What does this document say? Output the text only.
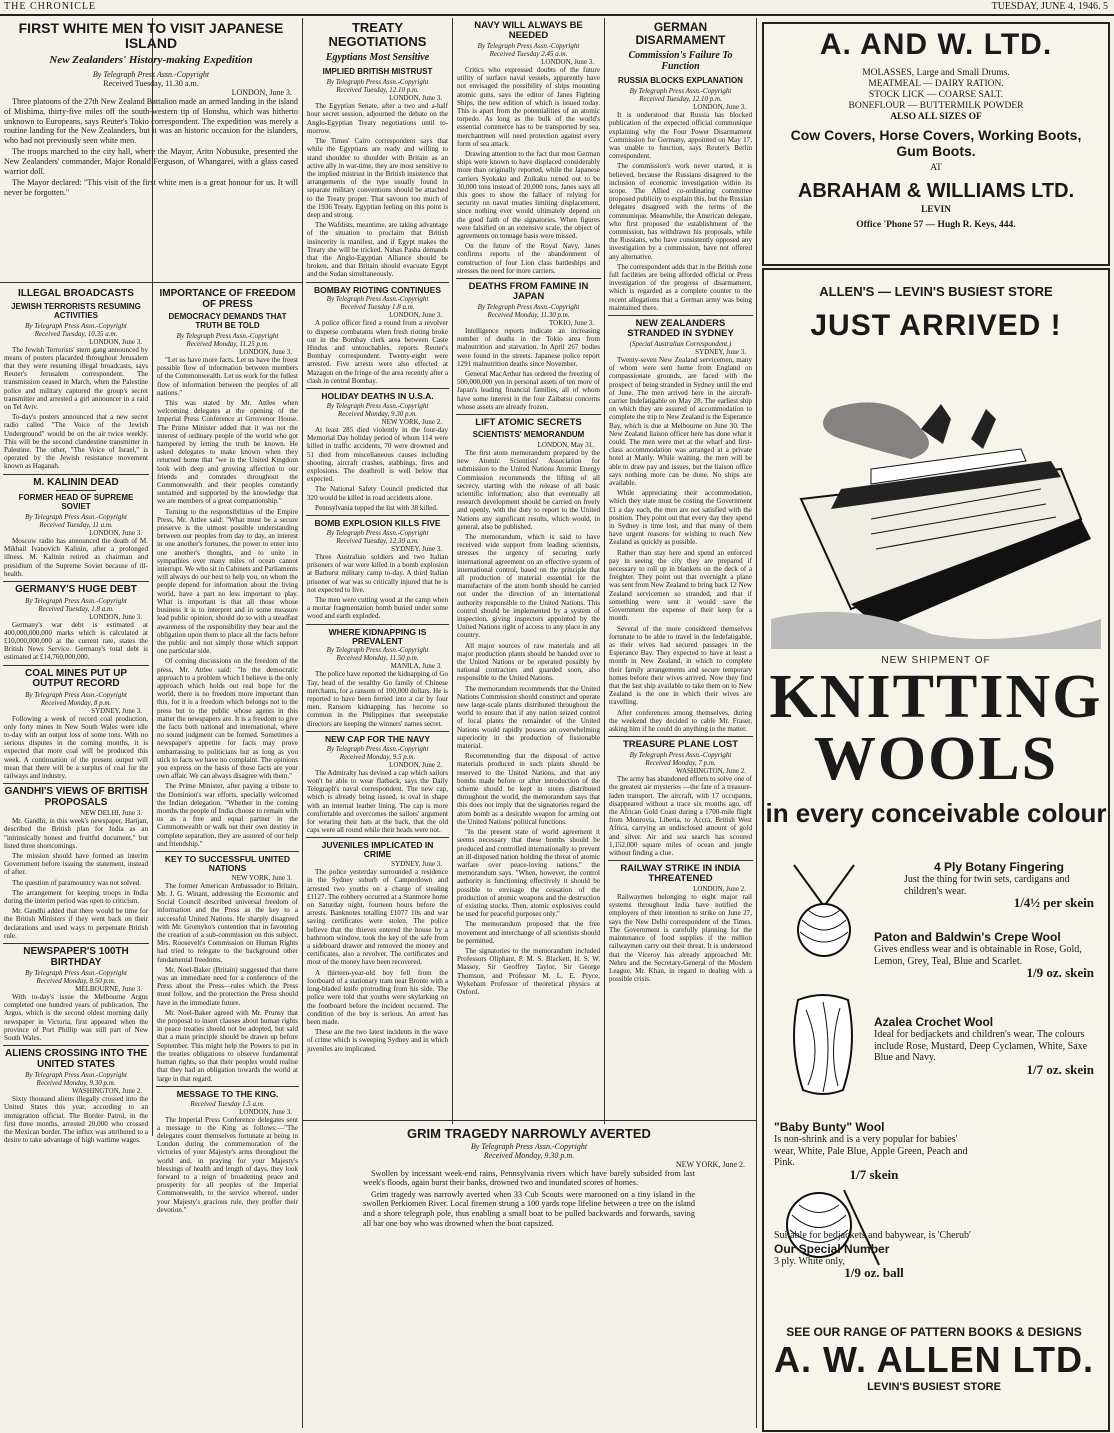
THE CHRONICLE	TUESDAY, JUNE 4, 1946. 5
FIRST WHITE MEN TO VISIT JAPANESE ISLAND
New Zealanders' History-making Expedition
By Telegraph Press Assn.-Copyright
Received Tuesday, 11.30 a.m.
LONDON, June 3.

Three platoons of the 27th New Zealand Battalion made an armed landing in the island of Mishima, thirty-five miles off the south-western tip of Honshu, which was hitherto unknown to Europeans, says Reuter's Tokio correspondent. The expedition was merely a routine landing for the New Zealanders, but it was an historic occasion for the islanders, who had not previously seen white men.

The troops marched to the city hall, where the Mayor, Aritn Nobusuke, presented the New Zealanders' commander, Major Ronald Ferguson, of Whangarei, with a glass cased warrior doll.

The Mayor declared: "This visit of the first white men is a great honour for us. It will never be forgotten."

ILLEGAL BROADCASTS
JEWISH TERRORISTS RESUMING ACTIVITIES
By Telegraph Press Assn.-Copyright
Received Tuesday, 10.35 a.m.
LONDON, June 3.

The Jewish Terrorists' stern gang announced by means of posters placarded throughout Jerusalem that they were resuming illegal broadcasts, says Reuter's Jerusalem correspondent. The transmission ceased in March, when the Palestine police and military captured the group's secret transmitter and arrested a girl announcer in a raid on Tel Aviv.

To-day's posters announced that a new secret radio called "The Voice of the Jewish Underground" would be on the air twice weekly. This will be the second clandestine transmitter in Palestine. The other, "The Voice of Israel," is operated by the Jewish resistance movement known as Haganah.

M. KALININ DEAD
FORMER HEAD OF SUPREME SOVIET
By Telegraph Press Assn.-Copyright
Received Tuesday, 11 a.m.
LONDON, June 3.

Moscow radio has announced the death of M. Mikhail Ivanovich Kalinin, after a prolonged illness. M. Kalinin retired as chairman and presidium of the Supreme Soviet because of ill-health.

GERMANY'S HUGE DEBT
By Telegraph Press Assn.-Copyright
Received Tuesday, 1.8 a.m.
LONDON, June 3.

Germany's war debt is estimated at 400,000,000,000 marks which is calculated at £10,000,000,000 at the current rate, states the British News Service. Germany's total debt is estimated at £14,760,000,000.

COAL MINES PUT UP OUTPUT RECORD
By Telegraph Press Assn.-Copyright
Received Monday, 8 p.m.
SYDNEY, June 3.

Following a week of record coal production, only forty mines in New South Wales were idle to-day with an output loss of some tons. With no serious disputes in the coming months, it is expected that more coal will be produced this week. A continuation of the present output will mean that there will be a surplus of coal for the railways and industry.

GANDHI'S VIEWS OF BRITISH PROPOSALS
NEW DELHI, June 3.

Mr. Gandhi, in this week's newspaper, Harijan, described the British plan for India as an "intrinsically honest and fruitful document," but listed three shortcomings.

The mission should have formed an interim Government before issuing the statement, instead of after.

The question of paramountcy was not solved.

The arrangement for keeping troops in India during the interim period was open to criticism.

Mr. Gandhi added that there would be time for the British Ministers if they went back on their declarations and used ways to perpetuate British rule.

NEWSPAPER'S 100TH BIRTHDAY
By Telegraph Press Assn.-Copyright
Received Monday, 8.50 p.m.
MELBOURNE, June 3.

With to-day's issue the Melbourne Argus completed one hundred years of publication. The Argus, which is the second oldest morning daily newspaper in Victoria, first appeared when the province of Port Phillip was still part of New South Wales.

ALIENS CROSSING INTO THE UNITED STATES
By Telegraph Press Assn.-Copyright
Received Monday, 9.30 p.m.
WASHINGTON, June 2.

Sixty thousand aliens illegally crossed into the United States this year, according to an immigration official. The Border Patrol, in the first three months, arrested 20,000 who crossed the Mexican border. The influx was attributed to a desire to take advantage of high wartime wages.

IMPORTANCE OF FREEDOM OF PRESS
DEMOCRACY DEMANDS THAT TRUTH BE TOLD
By Telegraph Press Assn.-Copyright
Received Monday, 11.25 p.m.
LONDON, June 3.

"Let us have more facts. Let us have the freest possible flow of information between members of the Commonwealth. Let us work for the fullest flow of information between the peoples of all nations."

This was stated by Mr. Attlee when welcoming delegates at the opening of the Imperial Press Conference at Grosvenor House. The Prime Minister added that it was not the interest of ordinary people of the world who got hampered by letting the truth be known. He asked delegates to make known when they returned home that "we in the United Kingdom look with deep and growing affection to our friends and comrades throughout the Commonwealth and their peoples constantly sustained and supported by the knowledge that we are members of a great companionship."

Turning to the responsibilities of the Empire Press, Mr. Attlee said: "What must be a secure preserve is the utmost possible understanding between our peoples from day to day, an interest in one another's fortunes, the power to enter into one another's thoughts, and to unite in sympathies over many miles of ocean cannot interrupt. We who sit in Cabinets and Parliaments will always do our best to help you, on whom the people depend for information about the living world, have a part no less important to play. What is important is that all those whose business it is to interpret and in some measure lead public opinion, should do so with a steadfast awareness of the responsibility they bear and the obligation upon them to place all the facts before the public and not simply those which support one particular side.

Of coming discussions on the freedom of the press, Mr. Attlee said: "In the democratic approach to a problem which I believe is the only approach which holds out real hope for the world, there is no freedom more important than this, for it is a freedom which belongs not to the press but to the public whose agents in this matter the newspapers are. It is a freedom to give the facts both national and international, where no sound judgment can be formed. Sometimes a newspaper's appetite for facts may prove embarrassing to politicians but as long as you stick to facts we have no complaint. The opinions you express on the basis of those facts are your own affair. We can always disagree with them."

The Prime Minister, after paying a tribute to the Dominion's war efforts, specially welcomed the Indian delegation. "Whether in the coming months the people of India choose to remain with us as a free and equal partner in the Commonwealth or walk out their own destiny in complete separation, they are assured of our help and friendship."

KEY TO SUCCESSFUL UNITED NATIONS
NEW YORK, June 3.

The former American Ambassador to Britain, Mr. J. G. Winant, addressing the Economic and Social Council described universal freedom of information and the Press as the key to a successful United Nations. He sharply disagreed with Mr. Gromyko's contention that in favouring the creation of a sub-commission on this subject, Mrs. Roosevelt's Commission on Human Rights had tried to relegate to the background other fundamental freedoms.

Mr. Noel-Baker (Britain) suggested that there was an immediate need for a conference of the Press about the Press—rules which the Press must follow, and the protection the Press should have in the immediate future.

Mr. Noel-Baker agreed with Mr. Prunsy that the proposal to insert clauses about human rights in peace treaties should not be adopted, but said that a main principle should be drawn up before September. This might help the Powers to put in the treaties obligations to observe fundamental human rights, so that their peoples would realise that they had an obligation towards the world at large in that regard.

MESSAGE TO THE KING.
Received Tuesday 1.5 a.m.
LONDON, June 3.

The Imperial Press Conference delegates sent a message to the King as follows:—"The delegates count themselves fortunate at being in London during the commemoration of the victories of your Majesty's arms throughout the world and, in praying for your Majesty's blessings of health and length of days, they look forward to a reign of broadening peace and prosperity for all peoples of the Imperial Commonwealth, to the service whereof, under your Majesty's gracious rule, they proffer their devotion."

TREATY NEGOTIATIONS
Egyptians Most Sensitive
IMPLIED BRITISH MISTRUST
By Telegraph Press Assn.-Copyright
Received Tuesday, 12.10 p.m.
LONDON, June 3.

The Egyptian Senate, after a two and a-half hour secret session, adjourned the debate on the Anglo-Egyptian Treaty negotiations until to-morrow.

The Times' Cairo correspondent says that while the Egyptians are ready and willing to stand shoulder to shoulder with Britain as an active ally in war-time, they are most sensitive to the implied mistrust in the British insistence that arrangements of the type usually found in separate military conventions should be attached to the Treaty proper. That savours too much of the 1936 Treaty. Egyptian feeling on this point is deep and strong.

The Wafdists, meantime, are taking advantage of the situation to proclaim that British insincerity is manifest, and if Egypt makes the Treaty she will be tricked. Nahas Pasha demands that the Anglo-Egyptian Alliance should be broken, and that Britain should evacuate Egypt and the Sudan simultaneously.

BOMBAY RIOTING CONTINUES
By Telegraph Press Assn.-Copyright
Received Tuesday 1.8 a.m.
LONDON, June 3.

A police officer fired a round from a revolver to disperse combatants when fresh rioting broke out in the Bombay clerk area between Caste Hindus and untouchables, reports Reuter's Bombay correspondent. Twenty-eight were arrested. Five arrests were also effected at Mazagon on the fringe of the area recently after a clash in central Bombay.

HOLIDAY DEATHS IN U.S.A.
By Telegraph Press Assn.-Copyright
Received Monday, 9.30 p.m.
NEW YORK, June 2.

At least 285 died violently in the four-day Memorial Day holiday period of whom 114 were killed in traffic accidents, 70 were drowned and 51 died from miscellaneous causes including shooting, aircraft crashes, stabbings, fires and explosions. The deathroll is well below that expected.

The National Safety Council predicted that 320 would be killed in road accidents alone.

Pennsylvania topped the list with 38 killed.

BOMB EXPLOSION KILLS FIVE
By Telegraph Press Assn.-Copyright
Received Tuesday, 12.30 a.m.
SYDNEY, June 3.

Three Australian soldiers and two Italian prisoners of war were killed in a bomb explosion at Bathurst military camp to-day. A third Italian prisoner of war was so critically injured that he is not expected to live.

The men were cutting wood at the camp when a mortar fragmentation bomb buried under some wood and earth exploded.

WHERE KIDNAPPING IS PREVALENT
By Telegraph Press Assn.-Copyright
Received Monday, 11.50 p.m.
MANILA, June 3.

The police have reported the kidnapping of Go Tay, head of the wealthy Go family of Chinese merchants, for a ransom of 100,000 dollars. He is reported to have been ferried into a car by four men. Ransom kidnapping has become so common in the Philippines that sweepstake directors are keeping the winners' names secret.

NEW CAP FOR THE NAVY
By Telegraph Press Assn.-Copyright
Received Monday, 9.5 p.m.
LONDON, June 2.

The Admiralty has devised a cap which sailors won't be able to wear flatback, says the Daily Telegraph's naval correspondent. The new cap, which is already being issued, is oval in shape with an internal leather lining. The cap is more comfortable and overcomes the sailors' argument for wearing their hats at the back, that the old caps were all round while their heads were not.

JUVENILES IMPLICATED IN CRIME
SYDNEY, June 3.

The police yesterday surrounded a residence in the Sydney suburb of Camperdown and arrested two youths on a charge of stealing £1127. The robbery occurred at a Stanmore home on Saturday night, fourteen hours before the arrests. Banknotes totalling £1077 10s and war saving certificates were stolen. The police believe that the thieves entered the house by a bathroom window, took the key of the safe from a sideboard drawer and removed the money and certificates, also a revolver. The certificates and most of the money have been recovered.

A thirteen-year-old boy fell from the footboard of a stationary tram near Bronte with a long-bladed knife protruding from his side. The police were told that youths were skylarking on the footboard before the incident occurred. The condition of the boy is serious. An arrest has been made.

These are the two latest incidents in the wave of crime which is sweeping Sydney and in which juveniles are implicated.

NAVY WILL ALWAYS BE NEEDED
By Telegraph Press Assn.-Copyright
Received Tuesday 2.45 a.m.
LONDON, June 3.

Critics who expressed doubts of the future utility of surface naval vessels, apparently have not envisaged the possibility of ships mounting atomic guns, says the editor of Janes Fighting Ships, the new edition of which is issued today. This is apart from the potentialities of an atomic torpedo. As long as the bulk of the world's essential commerce has to be transported by sea, merchantmen will need protection against every form of sea attack.

Drawing attention to the fact that most German ships were known to have displaced considerably more than originally reported, while the Japanese carriers Syokaku and Zuikaku turned out to be 30,000 tons instead of 20,000 tons, Janes says all this goes to show the fallacy of relying for security on naval treaties limiting displacement, since nothing ever would ultimately depend on the good faith of the signatories. When figures were falsified on an extensive scale, the object of agreements on tonnage basis were missed.

On the future of the Royal Navy, Janes confirms reports of the abandonment of construction of four Lion class battleships and stresses the need for more carriers.

DEATHS FROM FAMINE IN JAPAN
By Telegraph Press Assn.-Copyright
Received Monday, 11.30 p.m.
TOKIO, June 3.

Intelligence reports indicate an increasing number of deaths in the Tokio area from malnutrition and starvation. In April 267 bodies were found in the streets. Japanese police report 1291 malnutrition deaths since November.

General MacArthur has ordered the freezing of 500,000,000 yen in personal assets of ten more of Japan's leading financial families, all of whom have some interest in the four Zaibatsu concerns whose assets are already frozen.

LIFT ATOMIC SECRETS
SCIENTISTS' MEMORANDUM
LONDON, May 31.

The first atom memorandum prepared by the new Atomic Scientists' Association for submission to the United Nations Atomic Energy Commission recommends the lifting of all secrecy, starting with the release of all basic scientific information; also that eventually all research development should be carried on freely and openly, with the duty to report to the United Nations any significant results, which would, in general, also be published.

The memorandum, which is said to have received wide support from leading scientists, stresses the urgency of securing early international agreement on an effective system of international control, based on the principle that all production of material essential for the manufacture of the atom bomb should be carried out under the direction of an international authority responsible to the United Nations. This control should be implemented by a system of inspection, giving inspectors appointed by the United Nations right of access to any place in any country.

All major sources of raw materials and all major production plants should be handed over to the United Nations or be operated possibly by national contractors and guarded soon, also responsible to the United Nations.

The memorandum recommends that the United Nations Commission should construct and operate new large-scale plants distributed throughout the world to ensure that if any nation seized control of local plants the remainder of the United Nations would rapidly possess an overwhelming superiority in the production of fissionable material.

Recommending that the disposal of active materials produced in such plants should be reserved to the United Nations, and that any bombs made before or after introduction of the scheme should be kept in stores distributed throughout the world, the memorandum says that this does not imply that the signatories regard the atom bomb as a desirable weapon for arming out the United Nations' political functions.

"In the present state of world agreement it seems necessary that these bombs should be produced and controlled internationally to prevent an ill-disposed nation holding the threat of atomic warfare over peace-loving nations," the memorandum says. "When, however, the control authority is functioning effectively it should be possible to envisage the cessation of the production of atomic weapons and the destruction of existing stocks. Then, atomic explosives could be used for peaceful purposes only."

The memorandum proposed that the free movement and interchange of all scientists should be permitted.

The signatories to the memorandum included Professors Oliphant, P. M. S. Blackett, H. S. W. Massey, Sir Geoffrey Taylor, Sir George Thomson, and Professor M. L. E. Pryce, Wykeham Professor of theoretical physics at Oxford.

GERMAN DISARMAMENT
Commission's Failure To Function
RUSSIA BLOCKS EXPLANATION
By Telegraph Press Assn.-Copyright
Received Tuesday, 12.10 p.m.
LONDON, June 3.

It is understood that Russia has blocked publication of the expected official communique explaining why the Four Power Disarmament Commission for Germany, appointed on May 17, was unable to function, says Reuter's Berlin correspondent.

The commission's work never started, it is believed, because the Russians disagreed to the inclusion of economic investigation within its scope. The Allied co-ordinating committee proposed publicity to explain this, but the Russian delegates disagreed with the terms of the communique. Meanwhile, the American delegate, who first proposed the establishment of the commission, has withdrawn his proposals, while the Russians, who have consistently opposed any investigation by a commission, have not offered any alternative.

The correspondent adds that in the British zone full facilities are being afforded official or Press investigation of the progress of disarmament, which is regarded as a complete counter to the recent allegations that a German army was being maintained there.

NEW ZEALANDERS STRANDED IN SYDNEY
(Special Australian Correspondent.)
SYDNEY, June 3.

Twenty-seven New Zealand servicemen, many of whom were sent home from England on compassionate grounds, are faced with the prospect of being stranded in Sydney until the end of June. The men arrived here in the aircraft-carrier Indefatigable on May 28. The earliest ship on which they are assured of accommodation to complete the trip to New Zealand is the Esperance Bay, which is due at Melbourne on June 30. The New Zealand liaison officer here has done what it could. The men were met at the wharf and first-class accommodation was arranged at a private hotel at Manly. While waiting, the men will be able to draw pay and issues, but the liaison office says nothing more can be done. No ships are available.

While appreciating their accommodation, which they state must be costing the Government £1 a day each, the men are not satisfied with the position. They point out that every day they spend in Sydney is time lost, and that many of them have urgent reasons for wishing to reach New Zealand as quickly as possible.

Rather than stay here and spend an enforced pay in seeing the city they are prepared if necessary to roll up in blankets on the deck of a freighter. They point out that overnight a plane was sent from New Zealand to bring back 12 New Zealand servicemen so stranded, and that if something were sent it would save the Government the expense of their keep for a month.

Several of the more considered themselves fortunate to be able to travel in the Indefatigable, as their wives had secured passages in the Esperance Bay. They expected to have at least a month in New Zealand, in which to complete their family arrangements and secure temporary homes before their wives arrived. Now they find that the last ship available to take them on to New Zealand is the one in which their wives are travelling.

After conferences among themselves, during the weekend they decided to cable Mr. Fraser, asking him if he could do anything in the matter.

TREASURE PLANE LOST
By Telegraph Press Assn.-Copyright
Received Monday, 7 p.m.
WASHINGTON, June 2.

The army has abandoned efforts to solve one of the greatest air mysteries —the fate of a treasure-laden transport. The aircraft, with 17 occupants, disappeared without a trace six months ago, off the African Gold Coast during a 1700-mile flight from Monrovia, Liberia, to Accra, British West Africa, carrying an undisclosed amount of gold and silver. Air and sea search has scoured 1,152,000 square miles of ocean and jungle without finding a clue.

RAILWAY STRIKE IN INDIA THREATENED
LONDON, June 2.

Railwaymen belonging to eight major rail systems throughout India have notified the employers of their intention to strike on June 27, says the New Delhi correspondent of the Times. The Government is carefully planning for the maintenance of food supplies if the million railwaymen carry out their threat. It is understood that the Viceroy has already approached Mr. Nehru and the Secretary-General of the Moslem League, Mr. Khan, in regard to dealing with a possible crisis.

GRIM TRAGEDY NARROWLY AVERTED
By Telegraph Press Assn.-Copyright
Received Monday, 9.30 p.m.
NEW YORK, June 2.

Swollen by incessant week-end rains, Pennsylvania rivers which have barely subsided from last week's floods, again burst their banks, drowned two and inundated scores of homes.

Grim tragedy was narrowly averted when 33 Cub Scouts were marooned on a tiny island in the swollen Perkiomen River. Local firemen strung a 100 yards rope lifeline between a tree on the island and a shore telegraph pole, thus enabling a small boat to be pulled backwards and forwards, saving all bar one boy who was drowned when the boat capsized.

A. AND W. LTD.
MOLASSES, Large and Small Drums.
MEATMEAL — DAIRY RATION.
STOCK LICK — COARSE SALT.
BONEFLOUR — BUTTERMILK POWDER
ALSO ALL SIZES OF
Cow Covers, Horse Covers, Working Boots, Gum Boots.
AT
ABRAHAM & WILLIAMS LTD.
LEVIN
Office 'Phone 57 — Hugh R. Keys, 444.
ALLEN'S — LEVIN'S BUSIEST STORE
JUST ARRIVED !
NEW SHIPMENT OF
KNITTING
WOOLS
in every conceivable colour
4 Ply Botany Fingering
Just the thing for twin sets, cardigans and children's wear.
1/4½ per skein
Paton and Baldwin's Crepe Wool
Gives endless wear and is obtainable in Rose, Gold, Lemon, Grey, Teal, Blue and Scarlet.
1/9 oz. skein
Azalea Crochet Wool
Ideal for bedjackets and children's wear. The colours include Rose, Mustard, Deep Cyclamen, White, Saxe Blue and Navy.
1/7 oz. skein
"Baby Bunty" Wool
Is non-shrink and is a very popular for babies' wear, White, Pale Blue, Apple Green, Peach and Pink.
1/7 skein
Suitable for bedjackets and babywear, is 'Cherub'
Our Special Number
3 ply. White only,
1/9 oz. ball
SEE OUR RANGE OF PATTERN BOOKS & DESIGNS
A. W. ALLEN LTD.
LEVIN'S BUSIEST STORE
